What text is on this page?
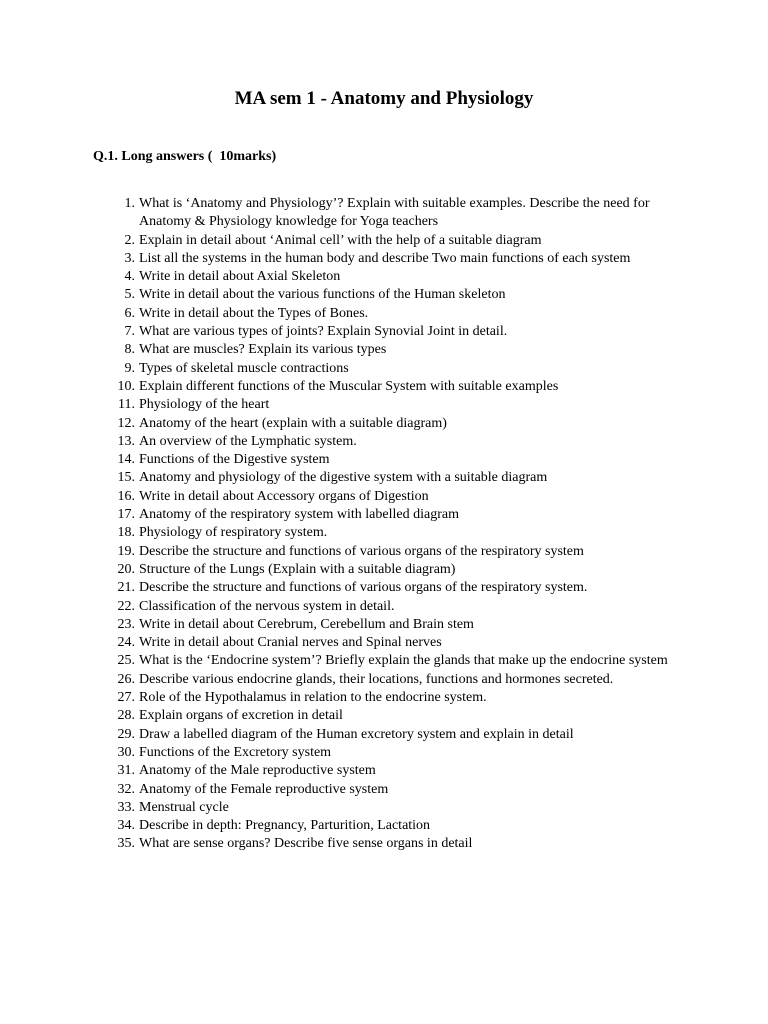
MA sem 1 - Anatomy and Physiology
Q.1. Long answers (  10marks)
1. What is ‘Anatomy and Physiology’? Explain with suitable examples. Describe the need for Anatomy & Physiology knowledge for Yoga teachers
2. Explain in detail about ‘Animal cell’ with the help of a suitable diagram
3. List all the systems in the human body and describe Two main functions of each system
4. Write in detail about Axial Skeleton
5. Write in detail about the various functions of the Human skeleton
6. Write in detail about the Types of Bones.
7. What are various types of joints? Explain Synovial Joint in detail.
8. What are muscles? Explain its various types
9. Types of skeletal muscle contractions
10. Explain different functions of the Muscular System with suitable examples
11. Physiology of the heart
12. Anatomy of the heart (explain with a suitable diagram)
13. An overview of the Lymphatic system.
14. Functions of the Digestive system
15. Anatomy and physiology of the digestive system with a suitable diagram
16. Write in detail about Accessory organs of Digestion
17. Anatomy of the respiratory system with labelled diagram
18. Physiology of respiratory system.
19. Describe the structure and functions of various organs of the respiratory system
20. Structure of the Lungs (Explain with a suitable diagram)
21. Describe the structure and functions of various organs of the respiratory system.
22. Classification of the nervous system in detail.
23. Write in detail about Cerebrum, Cerebellum and Brain stem
24. Write in detail about Cranial nerves and Spinal nerves
25. What is the ‘Endocrine system’? Briefly explain the glands that make up the endocrine system
26. Describe various endocrine glands, their locations, functions and hormones secreted.
27. Role of the Hypothalamus in relation to the endocrine system.
28. Explain organs of excretion in detail
29. Draw a labelled diagram of the Human excretory system and explain in detail
30. Functions of the Excretory system
31. Anatomy of the Male reproductive system
32. Anatomy of the Female reproductive system
33. Menstrual cycle
34. Describe in depth: Pregnancy, Parturition, Lactation
35. What are sense organs? Describe five sense organs in detail
